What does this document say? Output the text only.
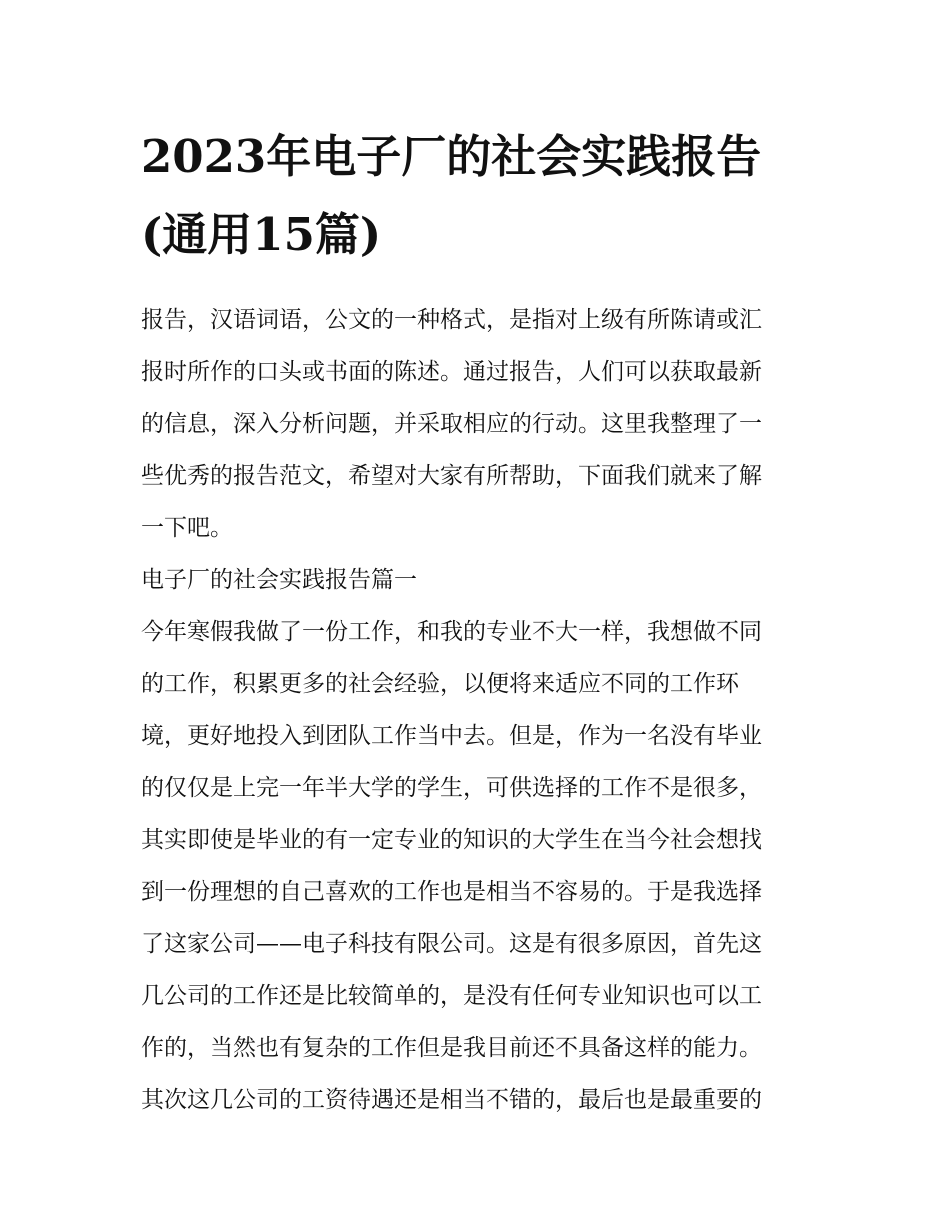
2023年电子厂的社会实践报告
(通用15篇)
报告，汉语词语，公文的一种格式，是指对上级有所陈请或汇
报时所作的口头或书面的陈述。通过报告，人们可以获取最新
的信息，深入分析问题，并采取相应的行动。这里我整理了一
些优秀的报告范文，希望对大家有所帮助，下面我们就来了解
一下吧。
电子厂的社会实践报告篇一
今年寒假我做了一份工作，和我的专业不大一样，我想做不同
的工作，积累更多的社会经验，以便将来适应不同的工作环
境，更好地投入到团队工作当中去。但是，作为一名没有毕业
的仅仅是上完一年半大学的学生，可供选择的工作不是很多，
其实即使是毕业的有一定专业的知识的大学生在当今社会想找
到一份理想的自己喜欢的工作也是相当不容易的。于是我选择
了这家公司——电子科技有限公司。这是有很多原因，首先这
几公司的工作还是比较简单的，是没有任何专业知识也可以工
作的，当然也有复杂的工作但是我目前还不具备这样的能力。
其次这几公司的工资待遇还是相当不错的，最后也是最重要的
